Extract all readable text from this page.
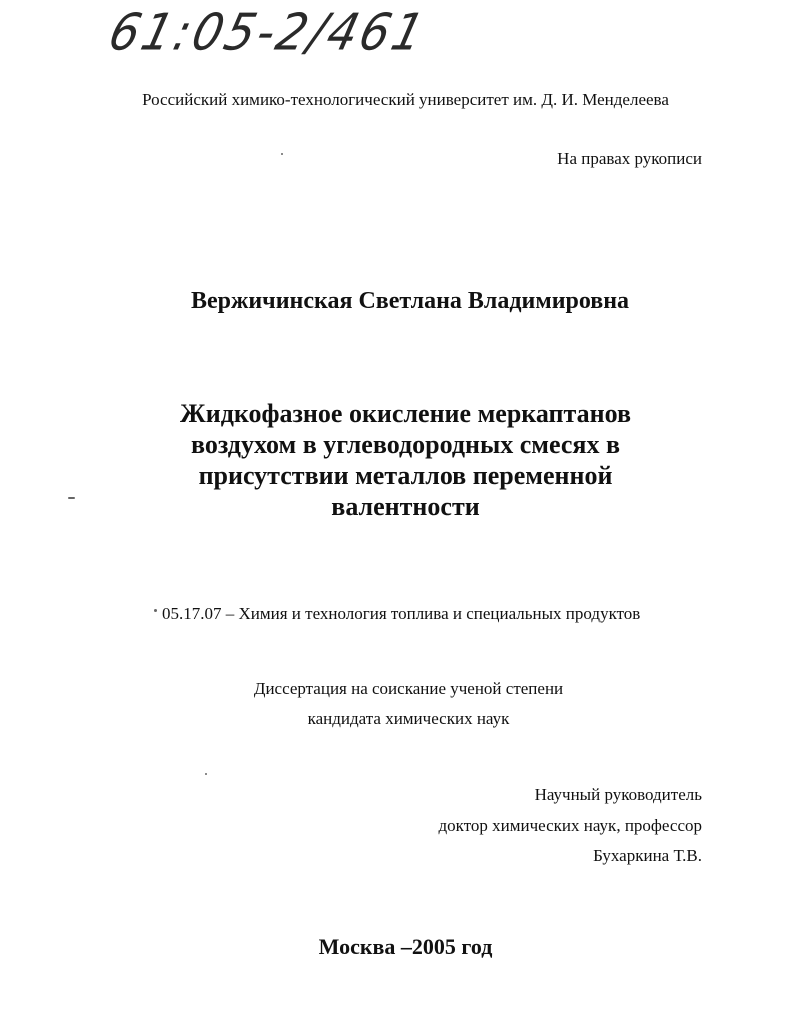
61:05-2/461
Российский химико-технологический университет им. Д. И. Менделеева
На правах рукописи
Вержичинская Светлана Владимировна
Жидкофазное окисление меркаптанов
воздухом в углеводородных смесях в
присутствии металлов переменной
валентности
05.17.07 – Химия и технология топлива и специальных продуктов
Диссертация на соискание ученой степени
кандидата химических наук
Научный руководитель
доктор химических наук, профессор
Бухаркина Т.В.
Москва –2005 год
